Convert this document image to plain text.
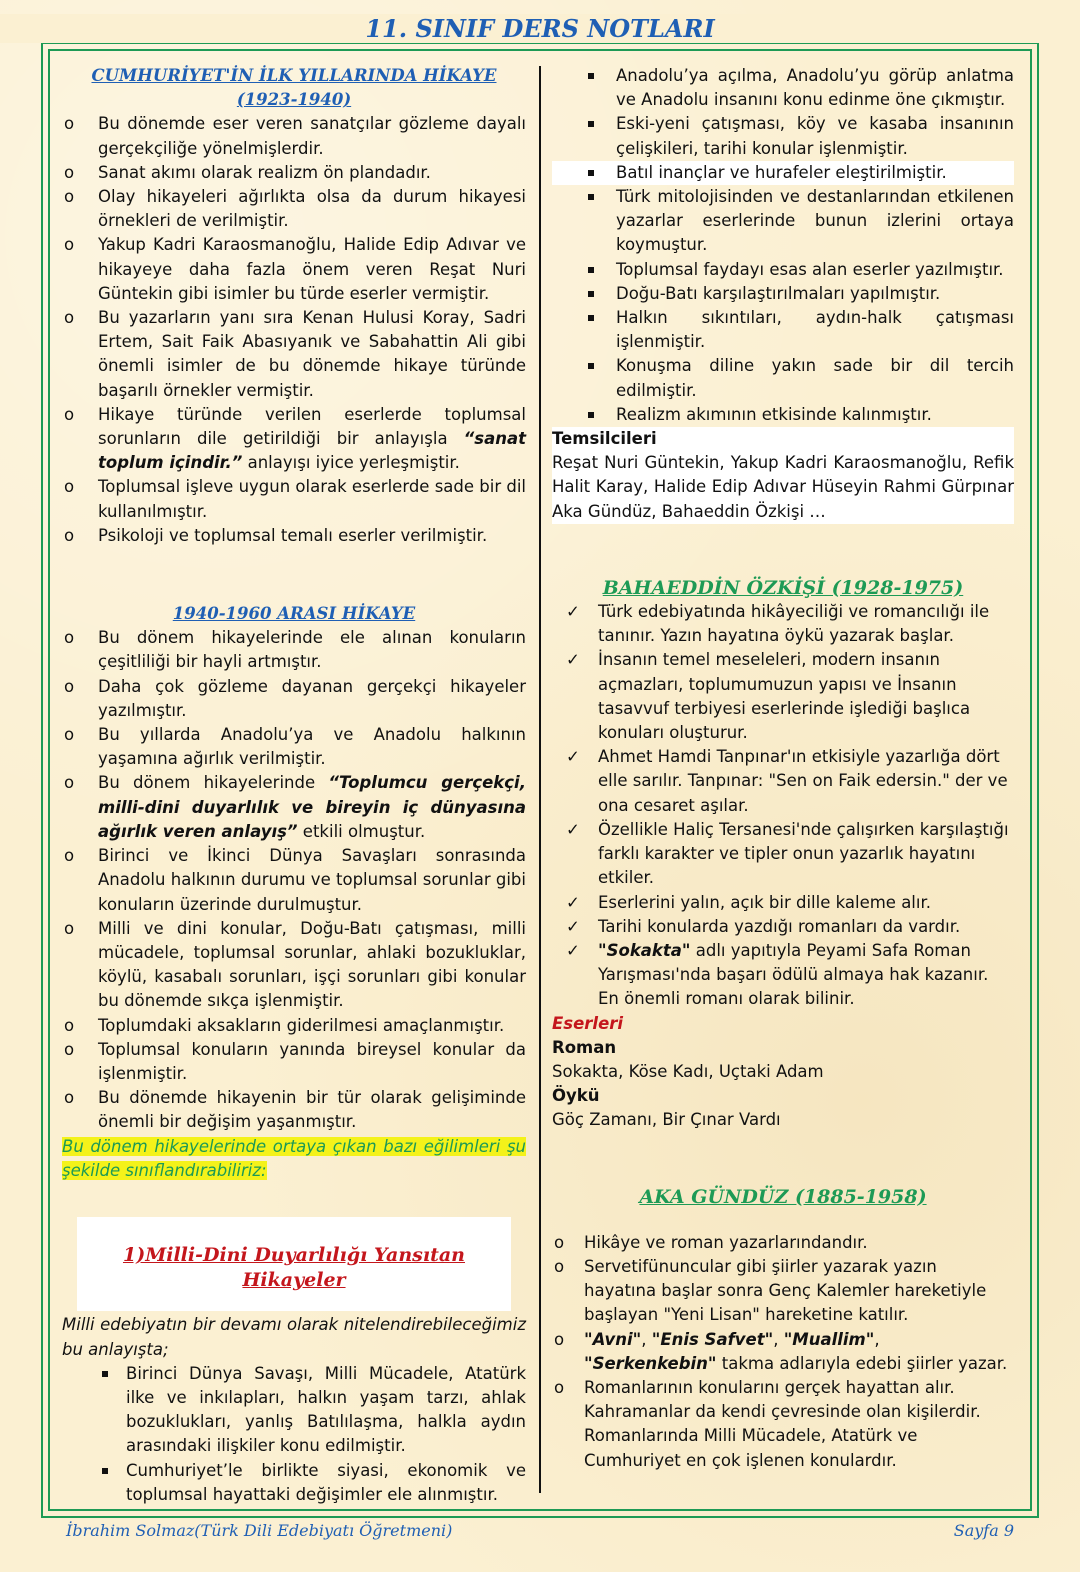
11. SINIF DERS NOTLARI
CUMHURİYET'İN İLK YILLARINDA HİKAYE
(1923-1940)
o Bu dönemde eser veren sanatçılar gözleme dayalı gerçekçiliğe yönelmişlerdir.
o Sanat akımı olarak realizm ön plandadır.
o Olay hikayeleri ağırlıkta olsa da durum hikayesi örnekleri de verilmiştir.
o Yakup Kadri Karaosmanoğlu, Halide Edip Adıvar ve hikayeye daha fazla önem veren Reşat Nuri Güntekin gibi isimler bu türde eserler vermiştir.
o Bu yazarların yanı sıra Kenan Hulusi Koray, Sadri Ertem, Sait Faik Abasıyanık ve Sabahattin Ali gibi önemli isimler de bu dönemde hikaye türünde başarılı örnekler vermiştir.
o Hikaye türünde verilen eserlerde toplumsal sorunların dile getirildiği bir anlayışla “sanat toplum içindir.” anlayışı iyice yerleşmiştir.
o Toplumsal işleve uygun olarak eserlerde sade bir dil kullanılmıştır.
o Psikoloji ve toplumsal temalı eserler verilmiştir.
1940-1960 ARASI HİKAYE
o Bu dönem hikayelerinde ele alınan konuların çeşitliliği bir hayli artmıştır.
o Daha çok gözleme dayanan gerçekçi hikayeler yazılmıştır.
o Bu yıllarda Anadolu’ya ve Anadolu halkının yaşamına ağırlık verilmiştir.
o Bu dönem hikayelerinde “Toplumcu gerçekçi, milli-dini duyarlılık ve bireyin iç dünyasına ağırlık veren anlayış” etkili olmuştur.
o Birinci ve İkinci Dünya Savaşları sonrasında Anadolu halkının durumu ve toplumsal sorunlar gibi konuların üzerinde durulmuştur.
o Milli ve dini konular, Doğu-Batı çatışması, milli mücadele, toplumsal sorunlar, ahlaki bozukluklar, köylü, kasabalı sorunları, işçi sorunları gibi konular bu dönemde sıkça işlenmiştir.
o Toplumdaki aksakların giderilmesi amaçlanmıştır.
o Toplumsal konuların yanında bireysel konular da işlenmiştir.
o Bu dönemde hikayenin bir tür olarak gelişiminde önemli bir değişim yaşanmıştır.
Bu dönem hikayelerinde ortaya çıkan bazı eğilimleri şu şekilde sınıflandırabiliriz:
1)Milli-Dini Duyarlılığı Yansıtan Hikayeler
Milli edebiyatın bir devamı olarak nitelendirebileceğimiz bu anlayışta;
Birinci Dünya Savaşı, Milli Mücadele, Atatürk ilke ve inkılapları, halkın yaşam tarzı, ahlak bozuklukları, yanlış Batılılaşma, halkla aydın arasındaki ilişkiler konu edilmiştir.
Cumhuriyet’le birlikte siyasi, ekonomik ve toplumsal hayattaki değişimler ele alınmıştır.
Anadolu’ya açılma, Anadolu’yu görüp anlatma ve Anadolu insanını konu edinme öne çıkmıştır.
Eski-yeni çatışması, köy ve kasaba insanının çelişkileri, tarihi konular işlenmiştir.
Batıl inançlar ve hurafeler eleştirilmiştir.
Türk mitolojisinden ve destanlarından etkilenen yazarlar eserlerinde bunun izlerini ortaya koymuştur.
Toplumsal faydayı esas alan eserler yazılmıştır.
Doğu-Batı karşılaştırılmaları yapılmıştır.
Halkın sıkıntıları, aydın-halk çatışması işlenmiştir.
Konuşma diline yakın sade bir dil tercih edilmiştir.
Realizm akımının etkisinde kalınmıştır.
Temsilcileri
Reşat Nuri Güntekin, Yakup Kadri Karaosmanoğlu, Refik Halit Karay, Halide Edip Adıvar Hüseyin Rahmi Gürpınar Aka Gündüz, Bahaeddin Özkişi …
BAHAEDDİN ÖZKİŞİ (1928-1975)
✓ Türk edebiyatında hikâyeciliği ve romancılığı ile tanınır. Yazın hayatına öykü yazarak başlar.
✓ İnsanın temel meseleleri, modern insanın açmazları, toplumumuzun yapısı ve İnsanın tasavvuf terbiyesi eserlerinde işlediği başlıca konuları oluşturur.
✓ Ahmet Hamdi Tanpınar'ın etkisiyle yazarlığa dört elle sarılır. Tanpınar: "Sen on Faik edersin." der ve ona cesaret aşılar.
✓ Özellikle Haliç Tersanesi'nde çalışırken karşılaştığı farklı karakter ve tipler onun yazarlık hayatını etkiler.
✓ Eserlerini yalın, açık bir dille kaleme alır.
✓ Tarihi konularda yazdığı romanları da vardır.
✓ "Sokakta" adlı yapıtıyla Peyami Safa Roman Yarışması'nda başarı ödülü almaya hak kazanır. En önemli romanı olarak bilinir.
Eserleri
Roman
Sokakta, Köse Kadı, Uçtaki Adam
Öykü
Göç Zamanı, Bir Çınar Vardı
AKA GÜNDÜZ (1885-1958)
o Hikâye ve roman yazarlarındandır.
o Servetifünuncular gibi şiirler yazarak yazın hayatına başlar sonra Genç Kalemler hareketiyle başlayan "Yeni Lisan" hareketine katılır.
o "Avni", "Enis Safvet", "Muallim", "Serkenkebin" takma adlarıyla edebi şiirler yazar.
o Romanlarının konularını gerçek hayattan alır. Kahramanlar da kendi çevresinde olan kişilerdir. Romanlarında Milli Mücadele, Atatürk ve Cumhuriyet en çok işlenen konulardır.
İbrahim Solmaz(Türk Dili Edebiyatı Öğretmeni)	Sayfa 9
